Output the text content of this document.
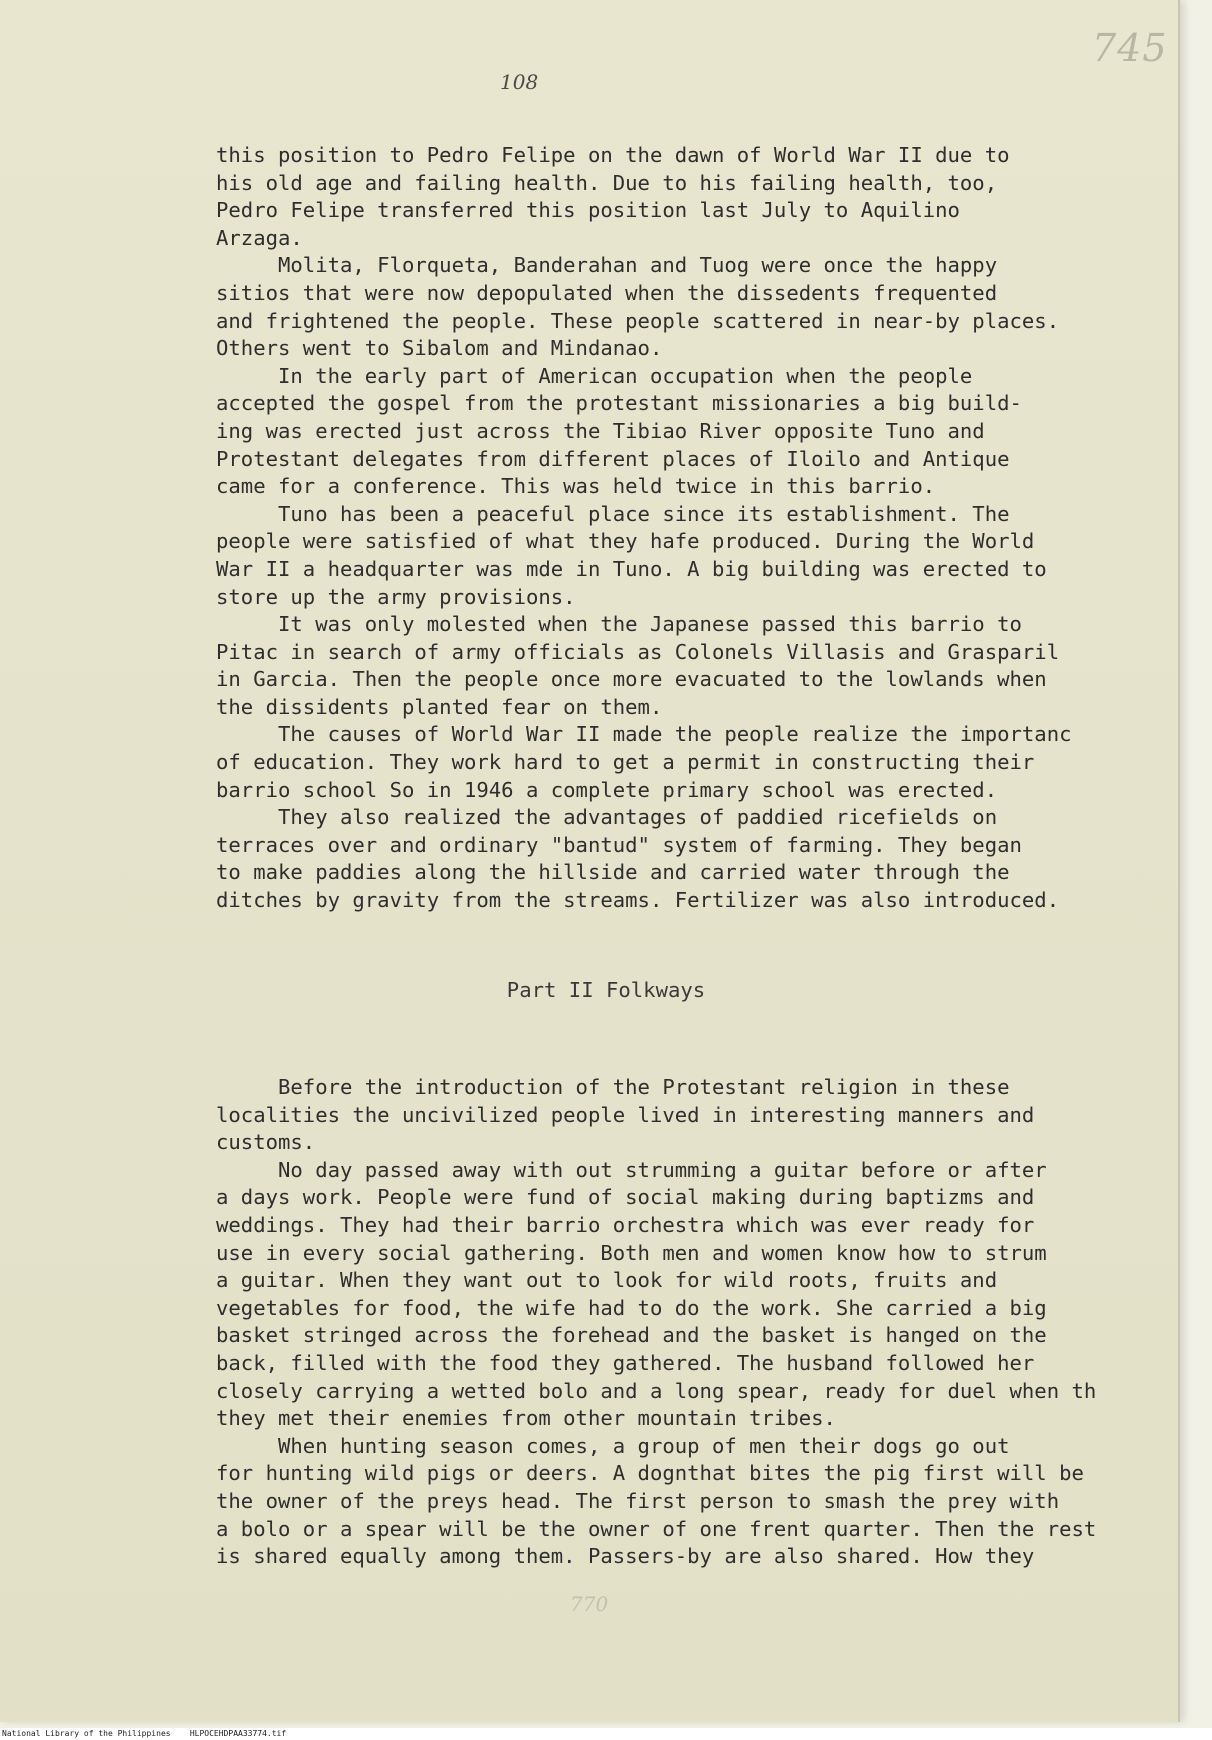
108
745
this position to Pedro Felipe on the dawn of World War II due to
his old age and failing health. Due to his failing health, too,
Pedro Felipe transferred this position last July to Aquilino
Arzaga.
Molita, Florqueta, Banderahan and Tuog were once the happy
sitios that were now depopulated when the dissedents frequented
and frightened the people. These people scattered in near-by places.
Others went to Sibalom and Mindanao.
In the early part of American occupation when the people
accepted the gospel from the protestant missionaries a big build-
ing was erected just across the Tibiao River opposite Tuno and
Protestant delegates from different places of Iloilo and Antique
came for a conference. This was held twice in this barrio.
Tuno has been a peaceful place since its establishment. The
people were satisfied of what they hafe produced. During the World
War II a headquarter was mde in Tuno. A big building was erected to
store up the army provisions.
It was only molested when the Japanese passed this barrio to
Pitac in search of army officials as Colonels Villasis and Grasparil
in Garcia. Then the people once more evacuated to the lowlands when
the dissidents planted fear on them.
The causes of World War II made the people realize the importanc
of education. They work hard to get a permit in constructing their
barrio school So in 1946 a complete primary school was erected.
They also realized the advantages of paddied ricefields on
terraces over and ordinary "bantud" system of farming. They began
to make paddies along the hillside and carried water through the
ditches by gravity from the streams. Fertilizer was also introduced.

Part II Folkways
Before the introduction of the Protestant religion in these
localities the uncivilized people lived in interesting manners and
customs.
No day passed away with out strumming a guitar before or after
a days work. People were fund of social making during baptizms and
weddings. They had their barrio orchestra which was ever ready for
use in every social gathering. Both men and women know how to strum
a guitar. When they want out to look for wild roots, fruits and
vegetables for food, the wife had to do the work. She carried a big
basket stringed across the forehead and the basket is hanged on the
back, filled with the food they gathered. The husband followed her
closely carrying a wetted bolo and a long spear, ready for duel when th
they met their enemies from other mountain tribes.
When hunting season comes, a group of men their dogs go out
for hunting wild pigs or deers. A dognthat bites the pig first will be
the owner of the preys head. The first person to smash the prey with
a bolo or a spear will be the owner of one frent quarter. Then the rest
is shared equally among them. Passers-by are also shared. How they

770
National Library of the Philippines    HLPOCEHDPAA33774.tif
